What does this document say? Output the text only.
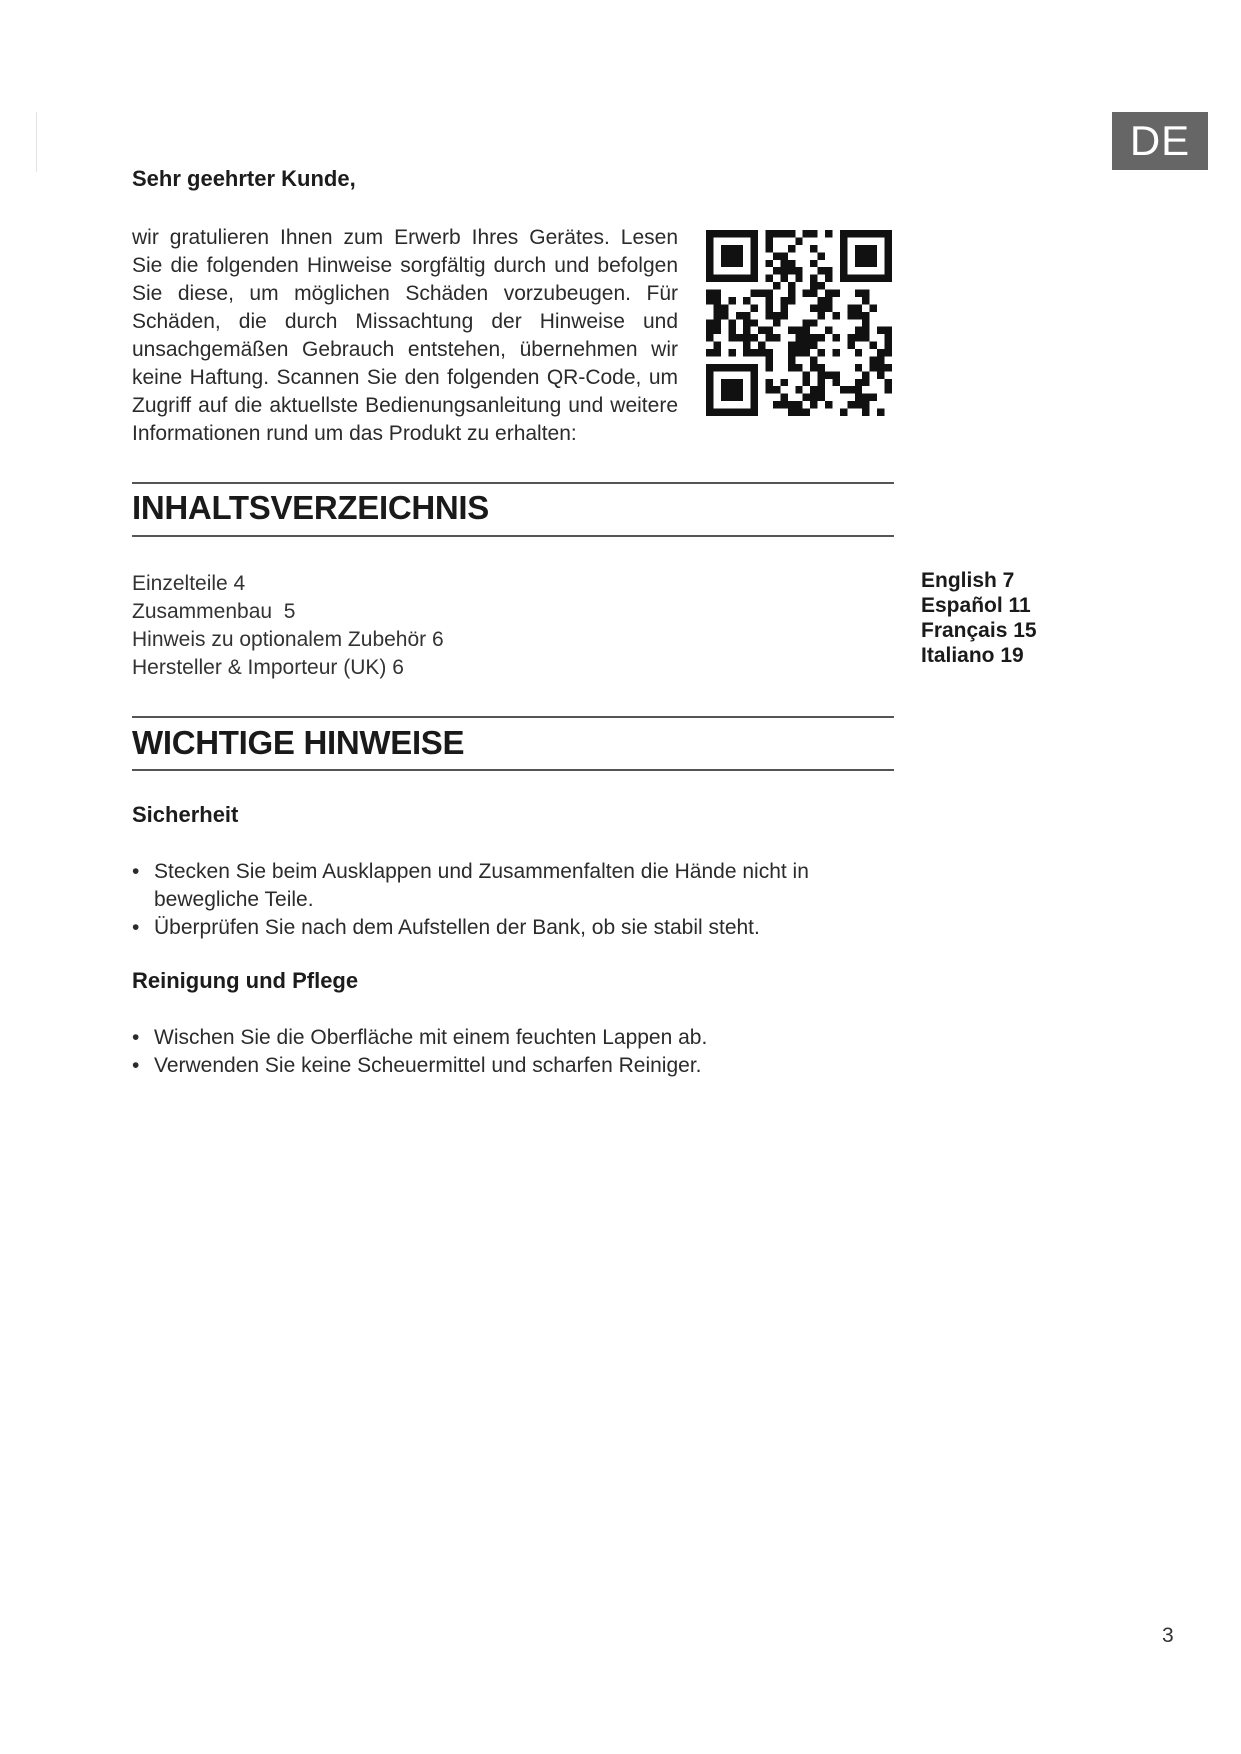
DE
Sehr geehrter Kunde,
wir gratulieren Ihnen zum Erwerb Ihres Gerätes. Lesen Sie die folgenden Hinweise sorgfältig durch und befolgen Sie diese, um möglichen Schäden vorzubeugen. Für Schäden, die durch Missachtung der Hinweise und unsachgemäßen Gebrauch entstehen, übernehmen wir keine Haftung. Scannen Sie den folgenden QR-Code, um Zugriff auf die aktuellste Bedienungsanleitung und weitere Informationen rund um das Produkt zu erhalten:
INHALTSVERZEICHNIS
Einzelteile 4
Zusammenbau  5
Hinweis zu optionalem Zubehör 6
Hersteller & Importeur (UK) 6
English 7
Español 11
Français 15
Italiano 19
WICHTIGE HINWEISE
Sicherheit
• Stecken Sie beim Ausklappen und Zusammenfalten die Hände nicht in bewegliche Teile.
• Überprüfen Sie nach dem Aufstellen der Bank, ob sie stabil steht.
Reinigung und Pflege
• Wischen Sie die Oberfläche mit einem feuchten Lappen ab.
• Verwenden Sie keine Scheuermittel und scharfen Reiniger.
3
